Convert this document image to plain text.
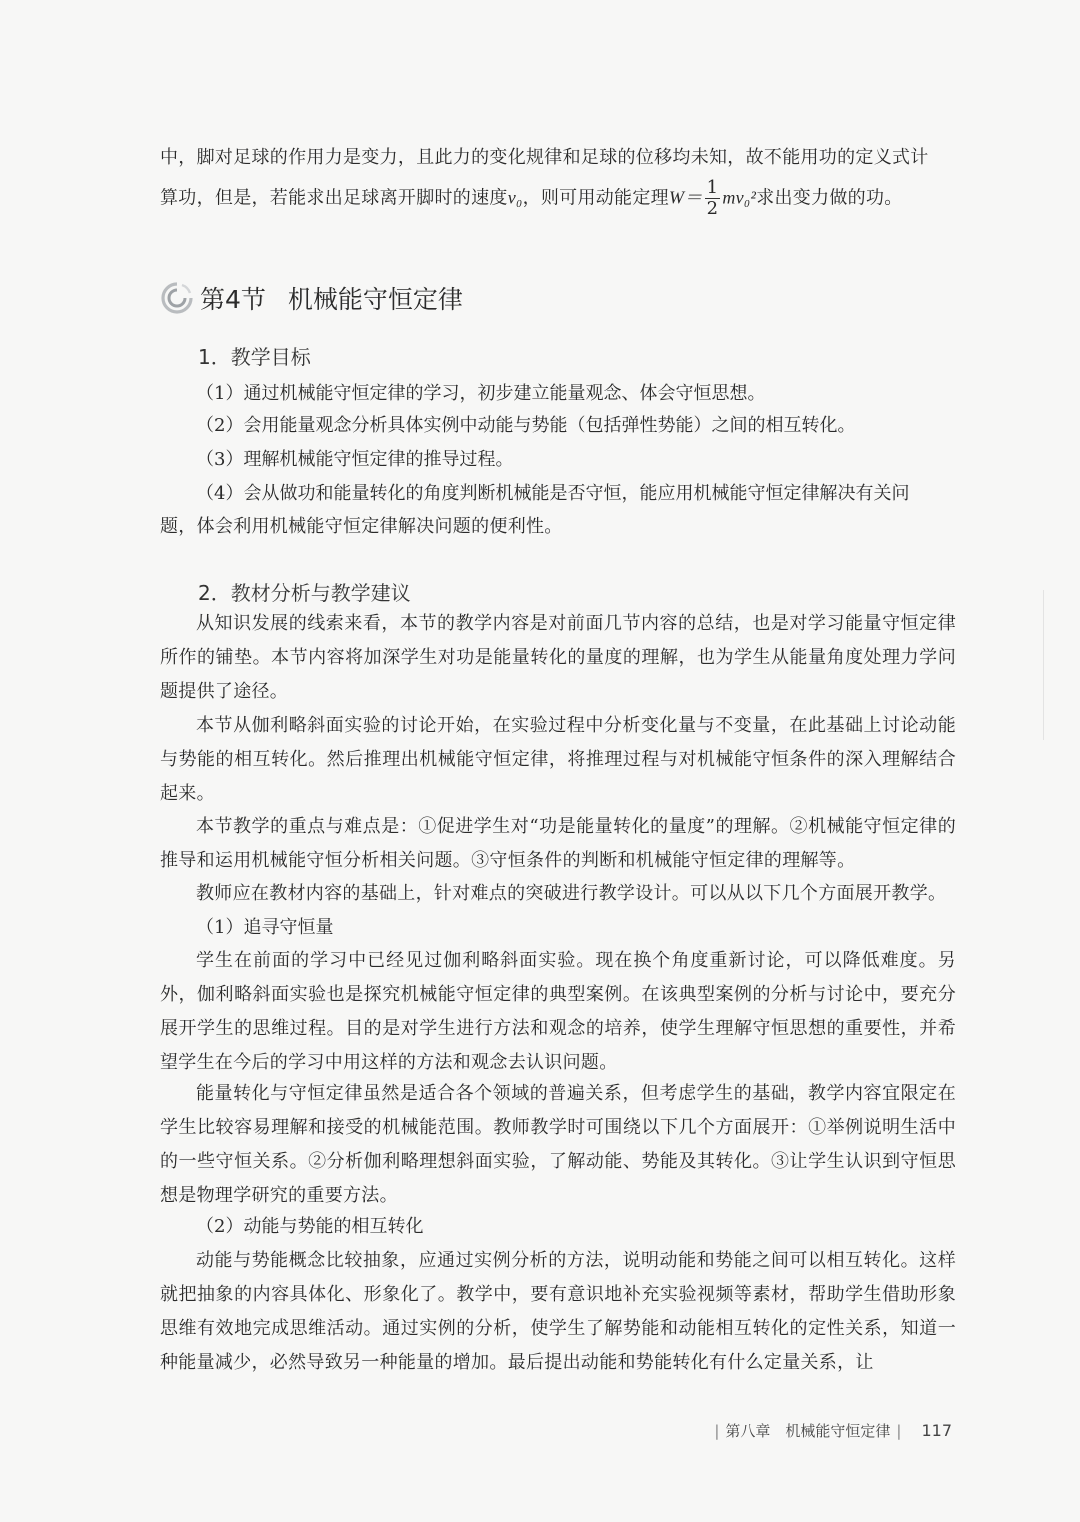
中，脚对足球的作用力是变力，且此力的变化规律和足球的位移均未知，故不能用功的定义式计

算功，但是，若能求出足球离开脚时的速度v₀，则可用动能定理$W= \frac{1}{2} mv_0^2$求出变力做的功。

第4节 机械能守恒定律
1．教学目标

（1）通过机械能守恒定律的学习，初步建立能量观念、体会守恒思想。

（2）会用能量观念分析具体实例中动能与势能（包括弹性势能）之间的相互转化。

（3）理解机械能守恒定律的推导过程。

（4）会从做功和能量转化的角度判断机械能是否守恒，能应用机械能守恒定律解决有关问

题，体会利用机械能守恒定律解决问题的便利性。

2．教材分析与教学建议

从知识发展的线索来看，本节的教学内容是对前面几节内容的总结，也是对学习能量守恒定律所作的铺垫。本节内容将加深学生对功是能量转化的量度的理解，也为学生从能量角度处理力学问题提供了途径。

本节从伽利略斜面实验的讨论开始，在实验过程中分析变化量与不变量，在此基础上讨论动能与势能的相互转化。然后推理出机械能守恒定律，将推理过程与对机械能守恒条件的深入理解结合起来。

本节教学的重点与难点是：①促进学生对“功是能量转化的量度”的理解。②机械能守恒定律的推导和运用机械能守恒分析相关问题。③守恒条件的判断和机械能守恒定律的理解等。

教师应在教材内容的基础上，针对难点的突破进行教学设计。可以从以下几个方面展开教学。

（1）追寻守恒量

学生在前面的学习中已经见过伽利略斜面实验。现在换个角度重新讨论，可以降低难度。另外，伽利略斜面实验也是探究机械能守恒定律的典型案例。在该典型案例的分析与讨论中，要充分展开学生的思维过程。目的是对学生进行方法和观念的培养，使学生理解守恒思想的重要性，并希望学生在今后的学习中用这样的方法和观念去认识问题。

能量转化与守恒定律虽然是适合各个领域的普遍关系，但考虑学生的基础，教学内容宜限定在学生比较容易理解和接受的机械能范围。教师教学时可围绕以下几个方面展开：①举例说明生活中的一些守恒关系。②分析伽利略理想斜面实验，了解动能、势能及其转化。③让学生认识到守恒思想是物理学研究的重要方法。

（2）动能与势能的相互转化

动能与势能概念比较抽象，应通过实例分析的方法，说明动能和势能之间可以相互转化。这样就把抽象的内容具体化、形象化了。教学中，要有意识地补充实验视频等素材，帮助学生借助形象思维有效地完成思维活动。通过实例的分析，使学生了解势能和动能相互转化的定性关系，知道一种能量减少，必然导致另一种能量的增加。最后提出动能和势能转化有什么定量关系，让

| 第八章　机械能守恒定律 | 117
